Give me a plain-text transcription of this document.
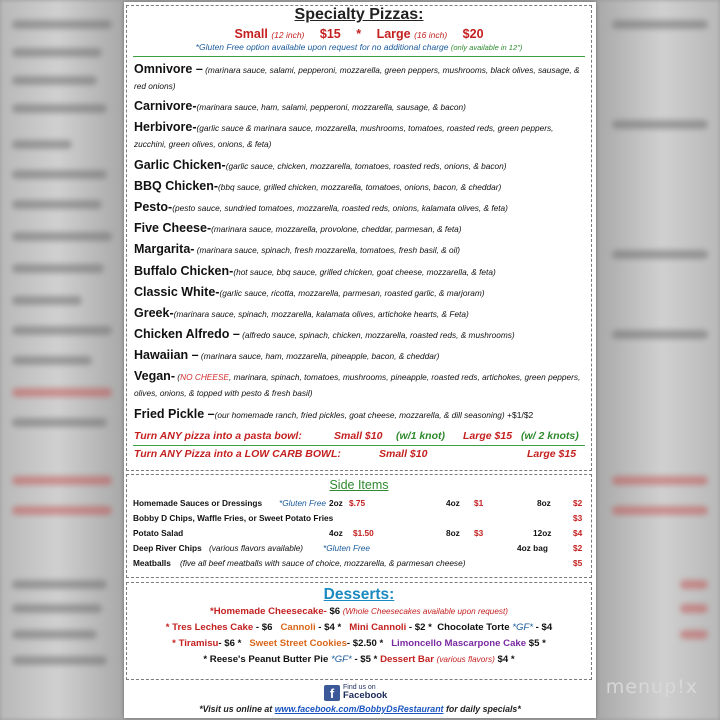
Specialty Pizzas:
Small (12 inch) $15 * Large (16 inch) $20
*Gluten Free option available upon request for no additional charge (only available in 12")
Omnivore – (marinara sauce, salami, pepperoni, mozzarella, green peppers, mushrooms, black olives, sausage, & red onions)
Carnivore-(marinara sauce, ham, salami, pepperoni, mozzarella, sausage, & bacon)
Herbivore-(garlic sauce & marinara sauce, mozzarella, mushrooms, tomatoes, roasted reds, green peppers, zucchini, green olives, onions, & feta)
Garlic Chicken-(garlic sauce, chicken, mozzarella, tomatoes, roasted reds, onions, & bacon)
BBQ Chicken-(bbq sauce, grilled chicken, mozzarella, tomatoes, onions, bacon, & cheddar)
Pesto-(pesto sauce, sundried tomatoes, mozzarella, roasted reds, onions, kalamata olives, & feta)
Five Cheese-(marinara sauce, mozzarella, provolone, cheddar, parmesan, & feta)
Margarita- (marinara sauce, spinach, fresh mozzarella, tomatoes, fresh basil, & oil)
Buffalo Chicken-(hot sauce, bbq sauce, grilled chicken, goat cheese, mozzarella, & feta)
Classic White-(garlic sauce, ricotta, mozzarella, parmesan, roasted garlic, & marjoram)
Greek-(marinara sauce, spinach, mozzarella, kalamata olives, artichoke hearts, & Feta)
Chicken Alfredo – (alfredo sauce, spinach, chicken, mozzarella, roasted reds, & mushrooms)
Hawaiian – (marinara sauce, ham, mozzarella, pineapple, bacon, & cheddar)
Vegan- (NO CHEESE, marinara, spinach, tomatoes, mushrooms, pineapple, roasted reds, artichokes, green peppers, olives, onions, & topped with pesto & fresh basil)
Fried Pickle –(our homemade ranch, fried pickles, goat cheese, mozzarella, & dill seasoning) +$1/$2
Turn ANY pizza into a pasta bowl:	Small $10	(w/1 knot)	Large $15 (w/ 2 knots)
Turn ANY Pizza into a LOW CARB BOWL:	Small $10	Large $15
Side Items
Homemade Sauces or Dressings *Gluten Free 2oz $.75	4oz $1	8oz	$2
Bobby D Chips, Waffle Fries, or Sweet Potato Fries	$3
Potato Salad	4oz $1.50	8oz $3	12oz	$4
Deep River Chips (various flavors available) *Gluten Free	4oz bag	$2
Meatballs (five all beef meatballs with sauce of choice, mozzarella, & parmesan cheese)	$5
Desserts:
*Homemade Cheesecake- $6 (Whole Cheesecakes available upon request)
* Tres Leches Cake - $6 Cannoli - $4 * Mini Cannoli - $2 * Chocolate Torte *GF* - $4
* Tiramisu- $6 * Sweet Street Cookies- $2.50 * Limoncello Mascarpone Cake $5 *
* Reese's Peanut Butter Pie *GF* - $5 * Dessert Bar (various flavors) $4 *
f	Find us on
Facebook
*Visit us online at www.facebook.com/BobbyDsRestaurant for daily specials*
menup!x
